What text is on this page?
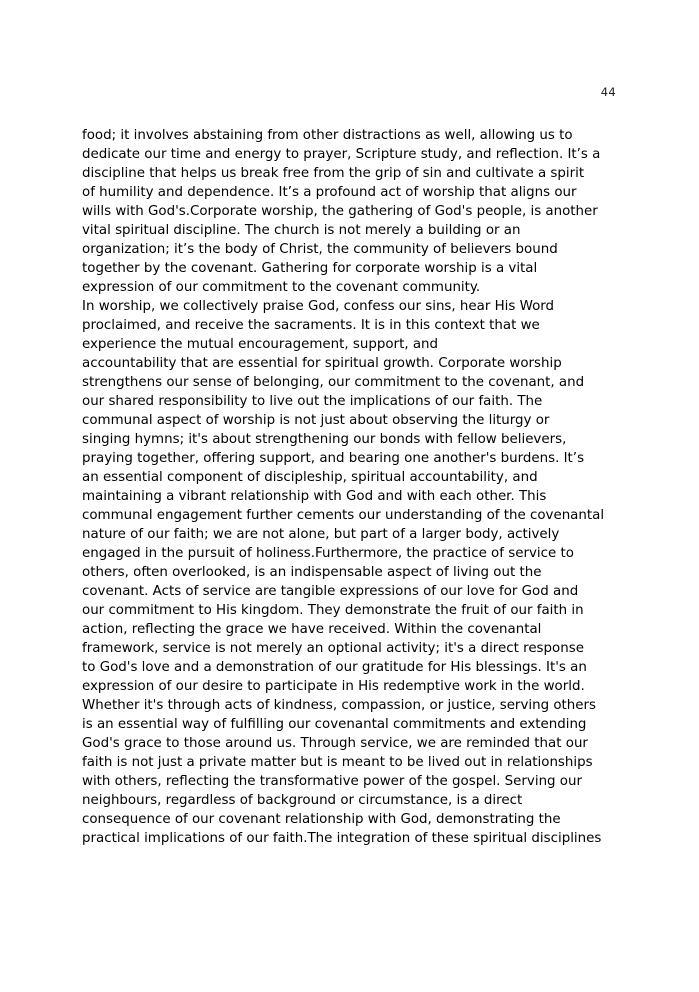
44
food; it involves abstaining from other distractions as well, allowing us to
dedicate our time and energy to prayer, Scripture study, and reflection. It’s a
discipline that helps us break free from the grip of sin and cultivate a spirit
of humility and dependence. It’s a profound act of worship that aligns our
wills with God's.Corporate worship, the gathering of God's people, is another
vital spiritual discipline. The church is not merely a building or an
organization; it’s the body of Christ, the community of believers bound
together by the covenant. Gathering for corporate worship is a vital
expression of our commitment to the covenant community.
In worship, we collectively praise God, confess our sins, hear His Word
proclaimed, and receive the sacraments. It is in this context that we
experience the mutual encouragement, support, and
accountability that are essential for spiritual growth. Corporate worship
strengthens our sense of belonging, our commitment to the covenant, and
our shared responsibility to live out the implications of our faith. The
communal aspect of worship is not just about observing the liturgy or
singing hymns; it's about strengthening our bonds with fellow believers,
praying together, offering support, and bearing one another's burdens. It’s
an essential component of discipleship, spiritual accountability, and
maintaining a vibrant relationship with God and with each other. This
communal engagement further cements our understanding of the covenantal
nature of our faith; we are not alone, but part of a larger body, actively
engaged in the pursuit of holiness.Furthermore, the practice of service to
others, often overlooked, is an indispensable aspect of living out the
covenant. Acts of service are tangible expressions of our love for God and
our commitment to His kingdom. They demonstrate the fruit of our faith in
action, reflecting the grace we have received. Within the covenantal
framework, service is not merely an optional activity; it's a direct response
to God's love and a demonstration of our gratitude for His blessings. It's an
expression of our desire to participate in His redemptive work in the world.
Whether it's through acts of kindness, compassion, or justice, serving others
is an essential way of fulfilling our covenantal commitments and extending
God's grace to those around us. Through service, we are reminded that our
faith is not just a private matter but is meant to be lived out in relationships
with others, reflecting the transformative power of the gospel. Serving our
neighbours, regardless of background or circumstance, is a direct
consequence of our covenant relationship with God, demonstrating the
practical implications of our faith.The integration of these spiritual disciplines
